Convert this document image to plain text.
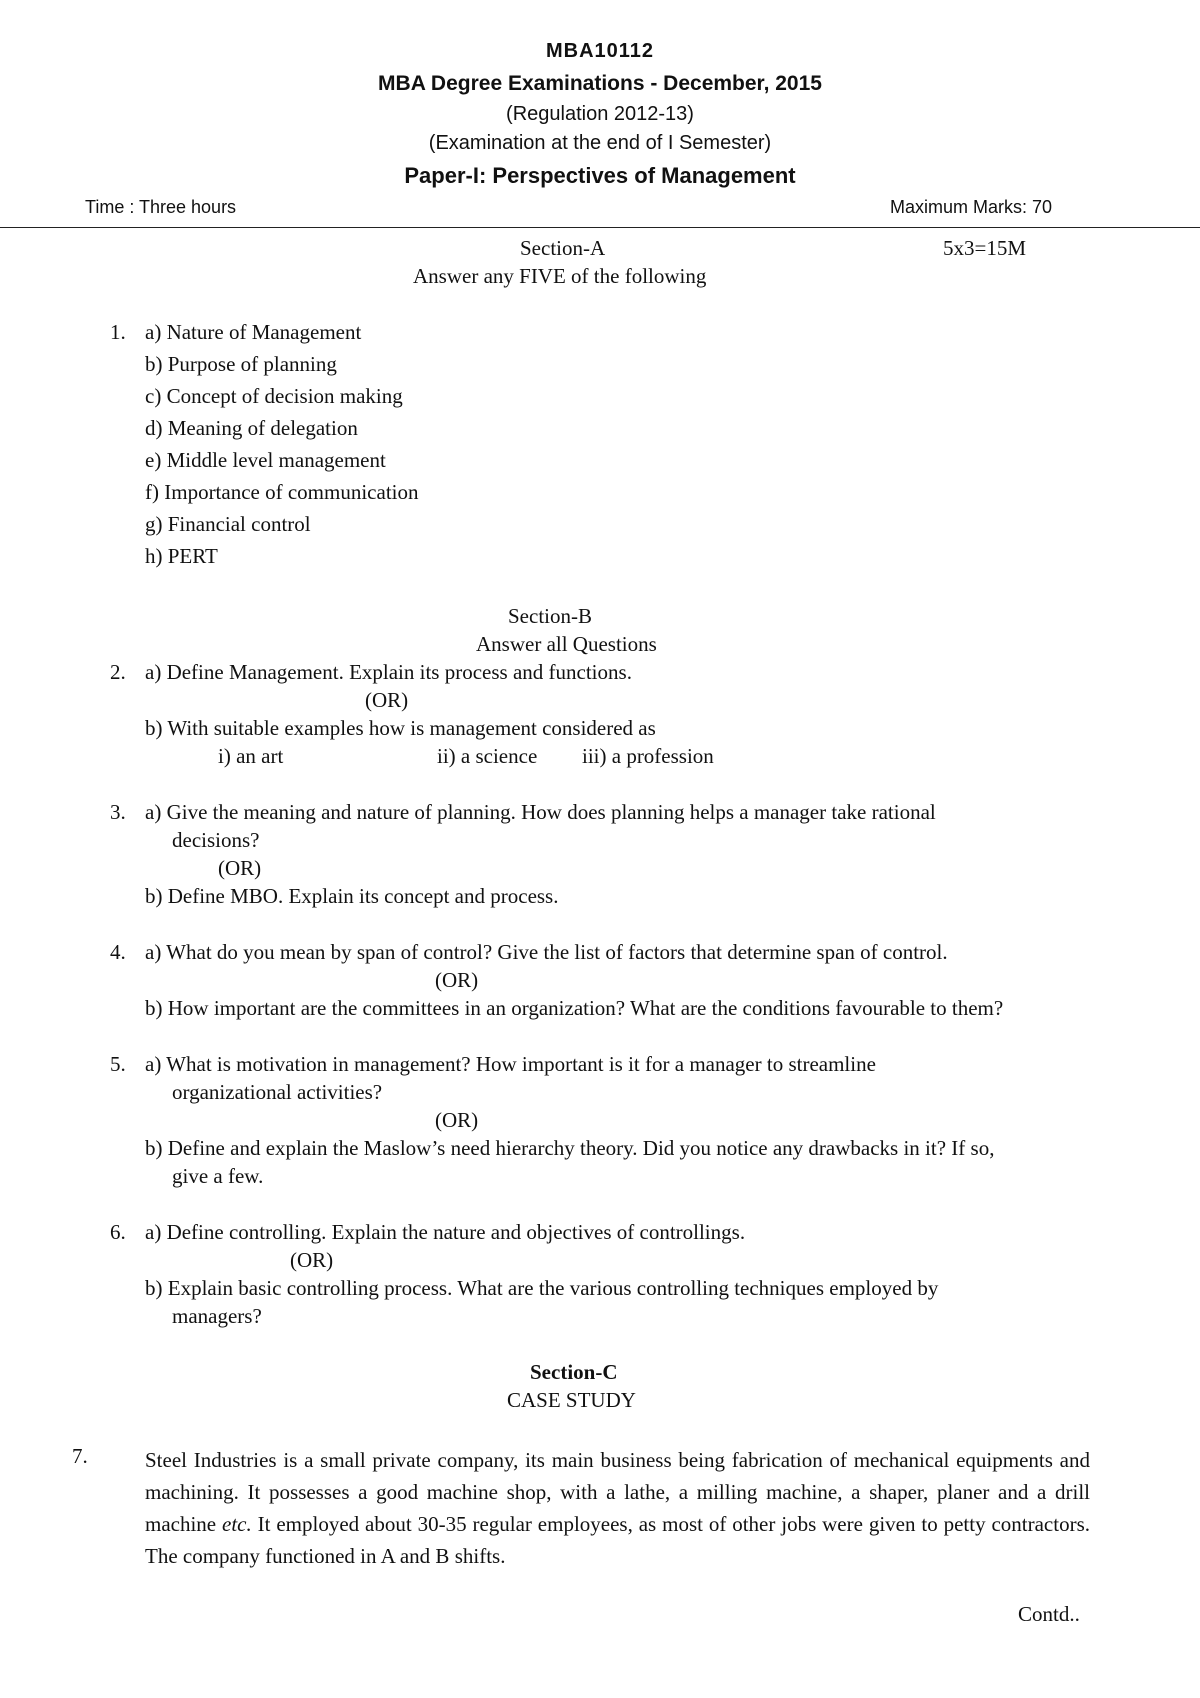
MBA10112
MBA Degree Examinations - December, 2015
(Regulation 2012-13)
(Examination at the end of I Semester)
Paper-I: Perspectives of Management
Time : Three hours	Maximum Marks: 70
Section-A	5x3=15M
Answer any FIVE of the following
1. a) Nature of Management
b) Purpose of planning
c) Concept of decision making
d) Meaning of delegation
e) Middle level management
f) Importance of communication
g) Financial control
h) PERT
Section-B
Answer all Questions
2. a) Define Management. Explain its process and functions.
(OR)
b) With suitable examples how is management considered as
i) an art	ii) a science iii) a profession
3. a) Give the meaning and nature of planning. How does planning helps a manager take rational
decisions?
(OR)
b) Define MBO. Explain its concept and process.
4. a) What do you mean by span of control? Give the list of factors that determine span of control.
(OR)
b) How important are the committees in an organization? What are the conditions favourable to them?
5. a) What is motivation in management? How important is it for a manager to streamline
organizational activities?
(OR)
b) Define and explain the Maslow’s need hierarchy theory. Did you notice any drawbacks in it? If so,
give a few.
6. a) Define controlling. Explain the nature and objectives of controllings.
(OR)
b) Explain basic controlling process. What are the various controlling techniques employed by
managers?
Section-C
CASE STUDY
7.	Steel Industries is a small private company, its main business being fabrication of mechanical equipments and machining. It possesses a good machine shop, with a lathe, a milling machine, a shaper, planer and a drill machine etc. It employed about 30-35 regular employees, as most of other jobs were given to petty contractors. The company functioned in A and B shifts.
Contd..
